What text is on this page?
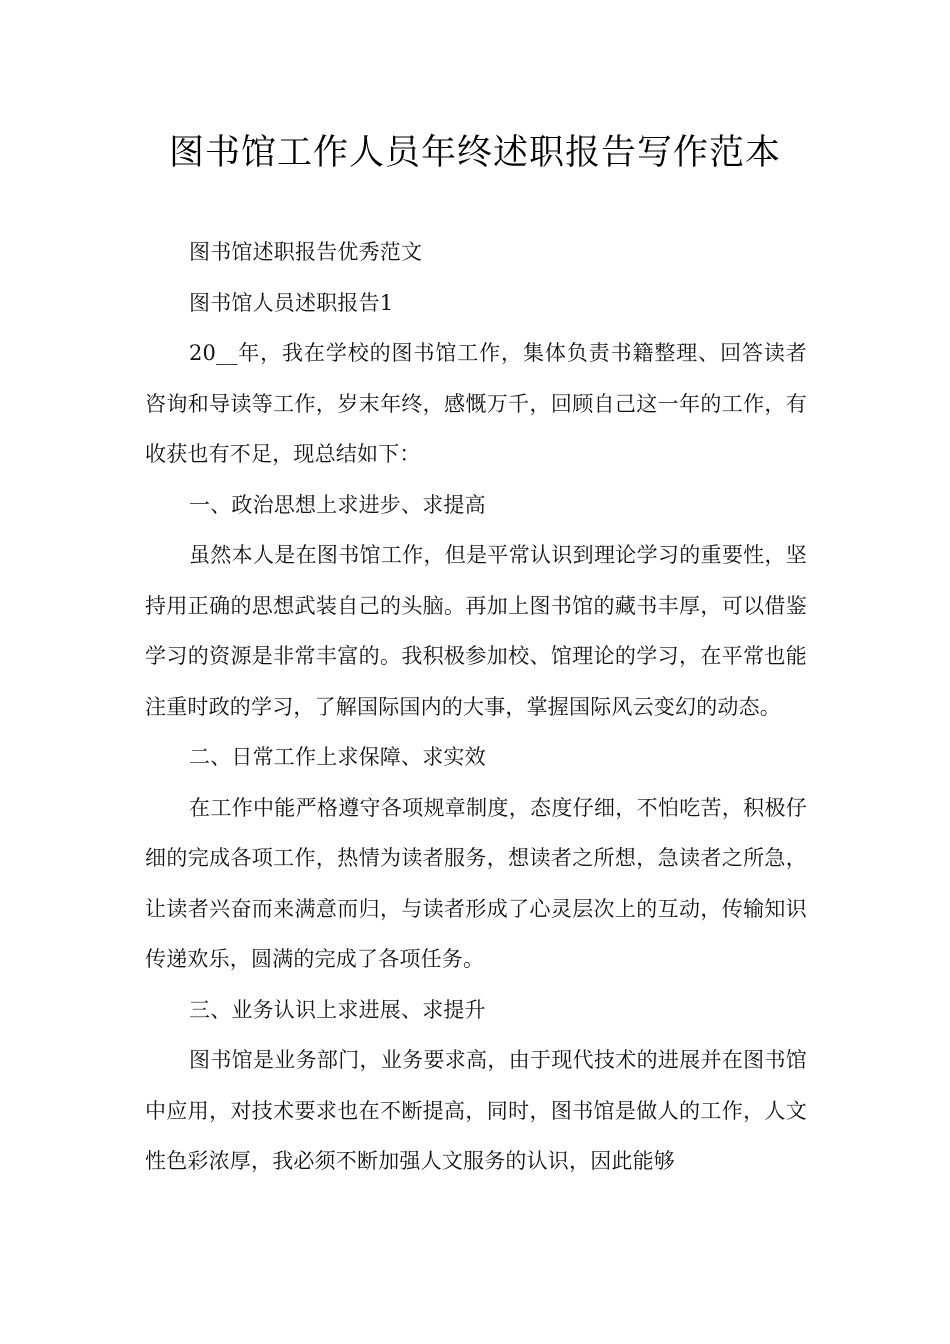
图书馆工作人员年终述职报告写作范本

图书馆述职报告优秀范文

图书馆人员述职报告1

20__年，我在学校的图书馆工作，集体负责书籍整理、回答读者咨询和导读等工作，岁末年终，感慨万千，回顾自己这一年的工作，有收获也有不足，现总结如下：

一、政治思想上求进步、求提高

虽然本人是在图书馆工作，但是平常认识到理论学习的重要性，坚持用正确的思想武装自己的头脑。再加上图书馆的藏书丰厚，可以借鉴学习的资源是非常丰富的。我积极参加校、馆理论的学习，在平常也能注重时政的学习，了解国际国内的大事，掌握国际风云变幻的动态。

二、日常工作上求保障、求实效

在工作中能严格遵守各项规章制度，态度仔细，不怕吃苦，积极仔细的完成各项工作，热情为读者服务，想读者之所想，急读者之所急，让读者兴奋而来满意而归，与读者形成了心灵层次上的互动，传输知识传递欢乐，圆满的完成了各项任务。

三、业务认识上求进展、求提升

图书馆是业务部门，业务要求高，由于现代技术的进展并在图书馆中应用，对技术要求也在不断提高，同时，图书馆是做人的工作，人文性色彩浓厚，我必须不断加强人文服务的认识，因此能够
